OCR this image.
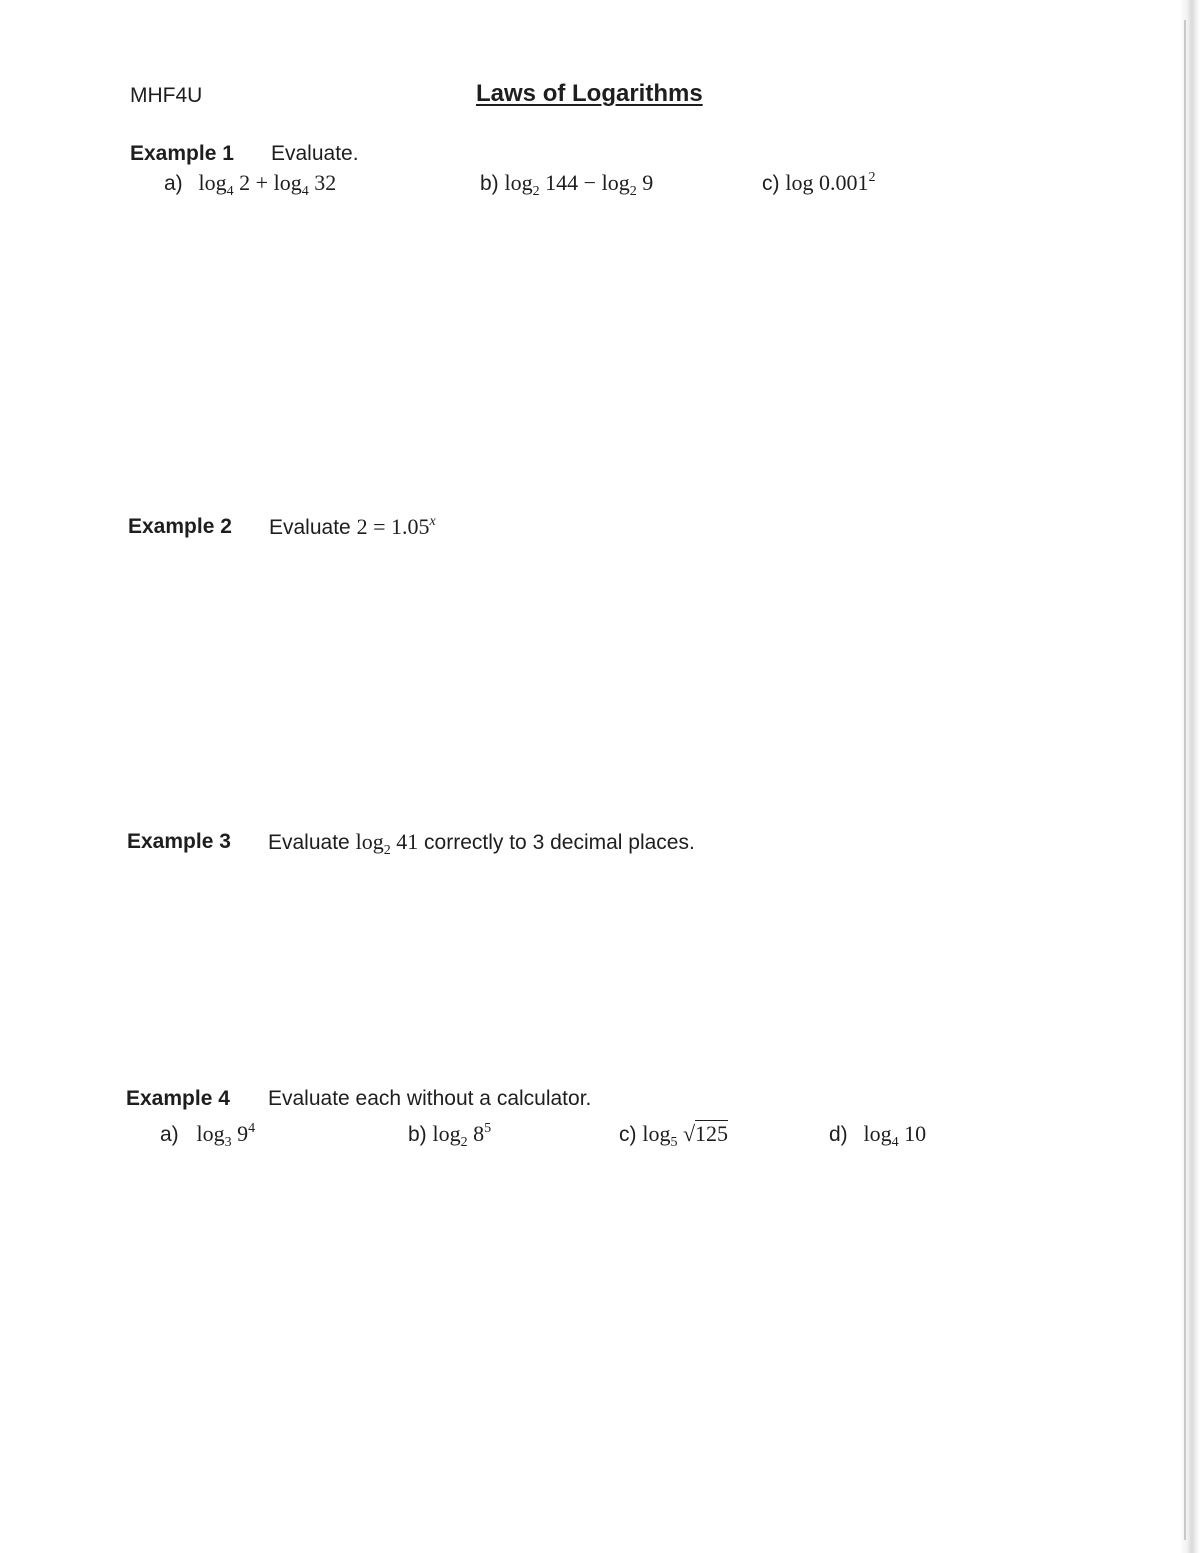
MHF4U	Laws of Logarithms
Example 1 Evaluate.
a) $\log_4 2 + \log_4 32$	b) $\log_2 144 - \log_2 9$	c) log 0.001$^2$
Example 2 Evaluate $2 = 1.05^x$
Example 3 Evaluate $\log_2 41$ correctly to 3 decimal places.
Example 4 Evaluate each without a calculator.
a) $\log_3 9^4$	b) $\log_2 8^5$	c) $\log_5 √125$	d) $\log_4 10$
